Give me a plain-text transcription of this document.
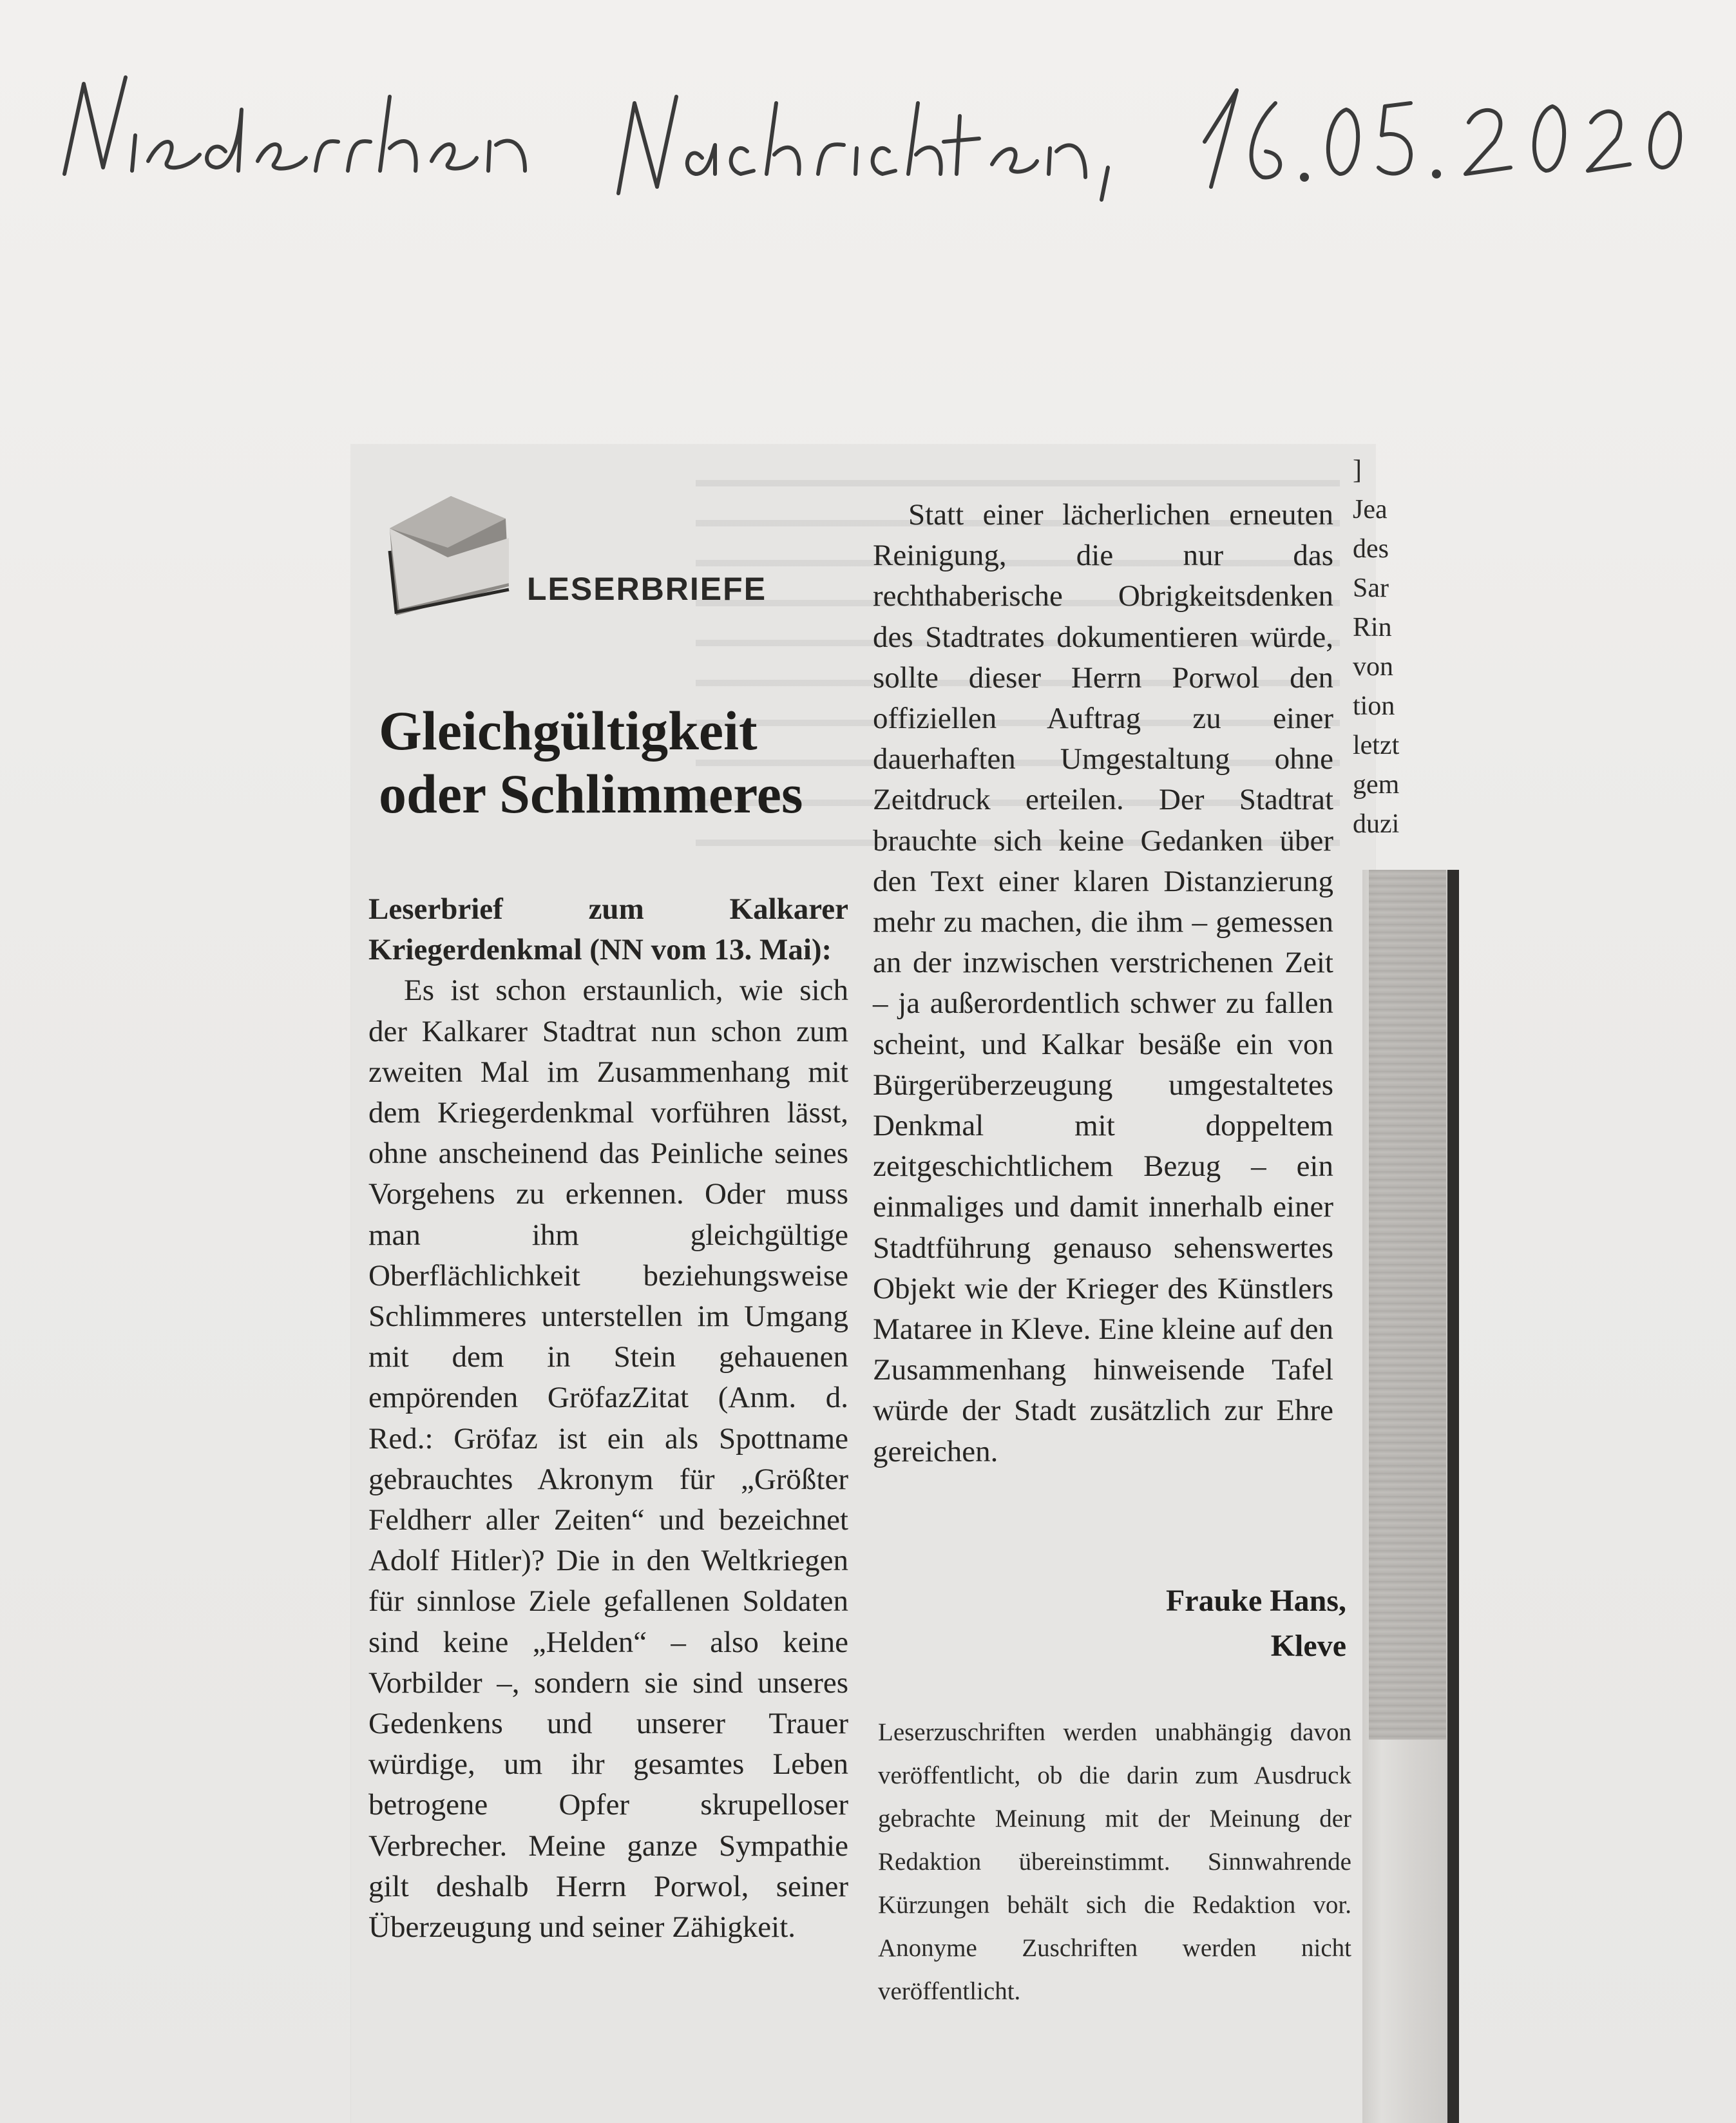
]
Jea
des
Sar
Rin
von
tion
letzt
gem
duzi
LESERBRIEFE
Gleichgültigkeit
oder Schlimmeres
Leserbrief zum Kalkarer Kriegerdenkmal (NN vom 13. Mai):
Es ist schon erstaunlich, wie sich der Kalkarer Stadtrat nun schon zum zweiten Mal im Zusammenhang mit dem Kriegerdenkmal vorführen lässt, ohne anscheinend das Peinliche seines Vorgehens zu erkennen. Oder muss man ihm gleichgültige Oberflächlichkeit beziehungsweise Schlimmeres unterstellen im Umgang mit dem in Stein gehauenen empörenden GröfazZitat (Anm. d. Red.: Gröfaz ist ein als Spottname gebrauchtes Akronym für „Größter Feldherr aller Zeiten“ und bezeichnet Adolf Hitler)? Die in den Weltkriegen für sinnlose Ziele gefallenen Soldaten sind keine „Helden“ – also keine Vorbilder –, sondern sie sind unseres Gedenkens und unserer Trauer würdige, um ihr gesamtes Leben betrogene Opfer skrupelloser Verbrecher. Meine ganze Sympathie gilt deshalb Herrn Porwol, seiner Überzeugung und seiner Zähigkeit.
Statt einer lächerlichen erneuten Reinigung, die nur das rechthaberische Obrigkeitsdenken des Stadtrates dokumentieren würde, sollte dieser Herrn Porwol den offiziellen Auftrag zu einer dauerhaften Umgestaltung ohne Zeitdruck erteilen. Der Stadtrat brauchte sich keine Gedanken über den Text einer klaren Distanzierung mehr zu machen, die ihm – gemessen an der inzwischen verstrichenen Zeit – ja außerordentlich schwer zu fallen scheint, und Kalkar besäße ein von Bürgerüberzeugung umgestaltetes Denkmal mit doppeltem zeitgeschichtlichem Bezug – ein einmaliges und damit innerhalb einer Stadtführung genauso sehenswertes Objekt wie der Krieger des Künstlers Mataree in Kleve. Eine kleine auf den Zusammenhang hinweisende Tafel würde der Stadt zusätzlich zur Ehre gereichen.
Frauke Hans,
Kleve
Leserzuschriften werden unabhängig davon veröffentlicht, ob die darin zum Ausdruck gebrachte Meinung mit der Meinung der Redaktion übereinstimmt. Sinnwahrende Kürzungen behält sich die Redaktion vor. Anonyme Zuschriften werden nicht veröffentlicht.
